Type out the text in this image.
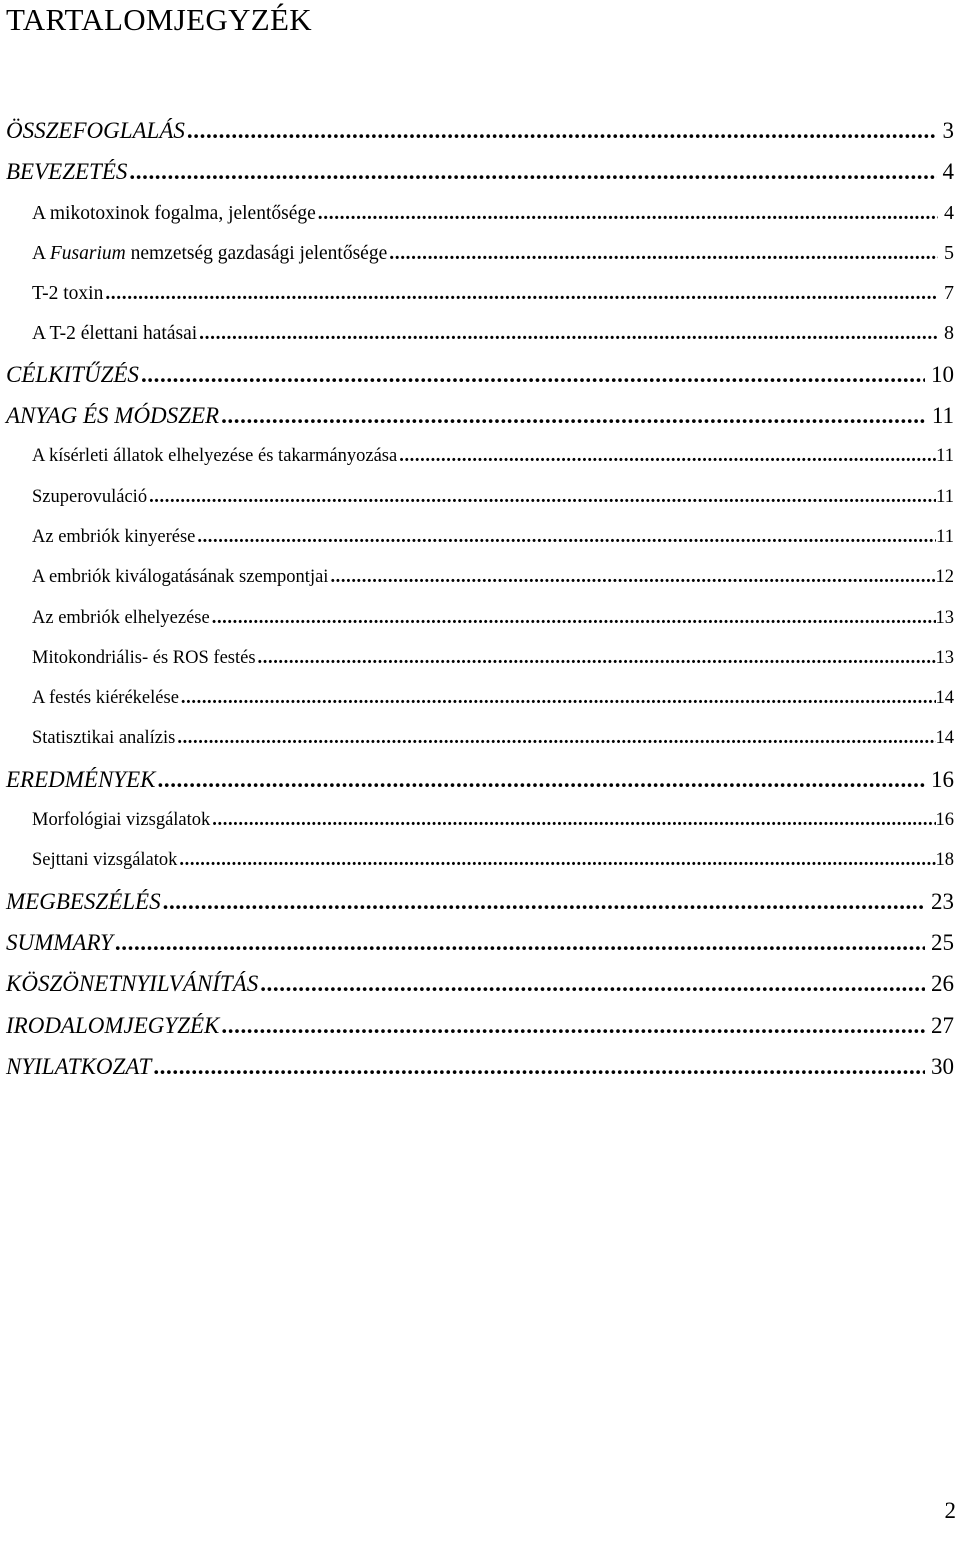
TARTALOMJEGYZÉK
ÖSSZEFOGLALÁS .....	3
BEVEZETÉS .....	4
A mikotoxinok fogalma, jelentősége .....	4
A Fusarium nemzetség gazdasági jelentősége .....	5
T-2 toxin .....	7
A T-2 élettani hatásai .....	8
CÉLKITŰZÉS .....	10
ANYAG ÉS MÓDSZER .....	11
A kísérleti állatok elhelyezése és takarmányozása .....	11
Szuperovuláció .....	11
Az embriók kinyerése .....	11
A embriók kiválogatásának szempontjai .....	12
Az embriók elhelyezése .....	13
Mitokondriális- és ROS festés .....	13
A festés kiérékelése .....	14
Statisztikai analízis .....	14
EREDMÉNYEK .....	16
Morfológiai vizsgálatok .....	16
Sejttani vizsgálatok .....	18
MEGBESZÉLÉS .....	23
SUMMARY .....	25
KÖSZÖNETNYILVÁNÍTÁS .....	26
IRODALOMJEGYZÉK .....	27
NYILATKOZAT .....	30
2
